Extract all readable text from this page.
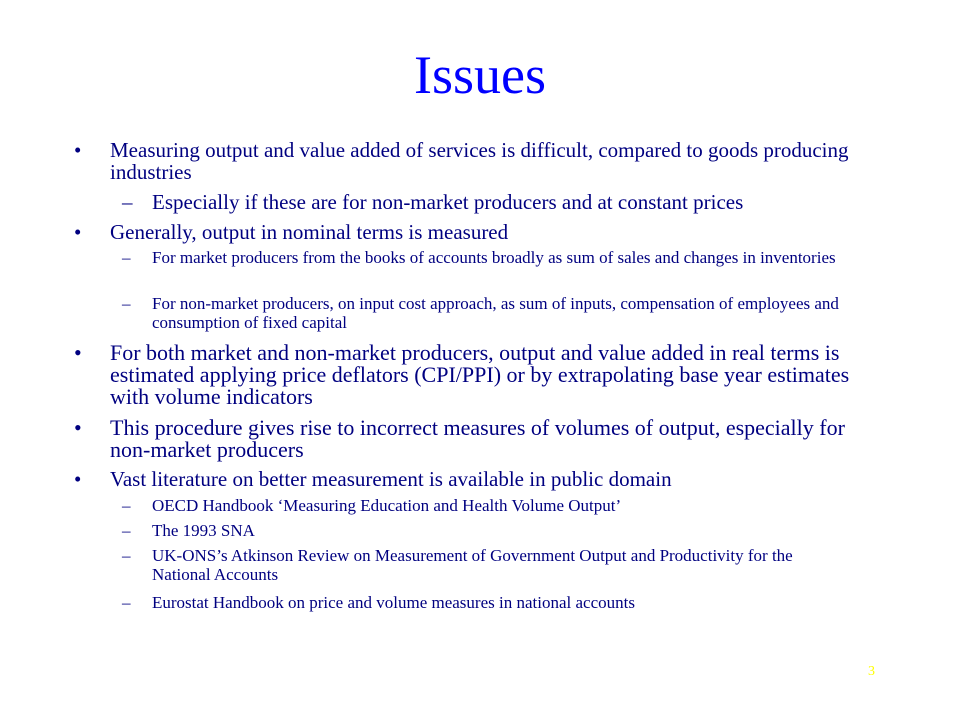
Issues
• Measuring output and value added of services is difficult, compared to goods producing industries
– Especially if these are for non-market producers and at constant prices
• Generally, output in nominal terms is measured
– For market producers from the books of accounts broadly as sum of sales and changes in inventories
– For non-market producers, on input cost approach, as sum of inputs, compensation of employees and consumption of fixed capital
• For both market and non-market producers, output and value added in real terms is estimated applying price deflators (CPI/PPI) or by extrapolating base year estimates with volume indicators
• This procedure gives rise to incorrect measures of volumes of output, especially for non-market producers
• Vast literature on better measurement is available in public domain
– OECD Handbook ‘Measuring Education and Health Volume Output’
– The 1993 SNA
– UK-ONS’s Atkinson Review on Measurement of Government Output and Productivity for the National Accounts
– Eurostat Handbook on price and volume measures in national accounts
3
